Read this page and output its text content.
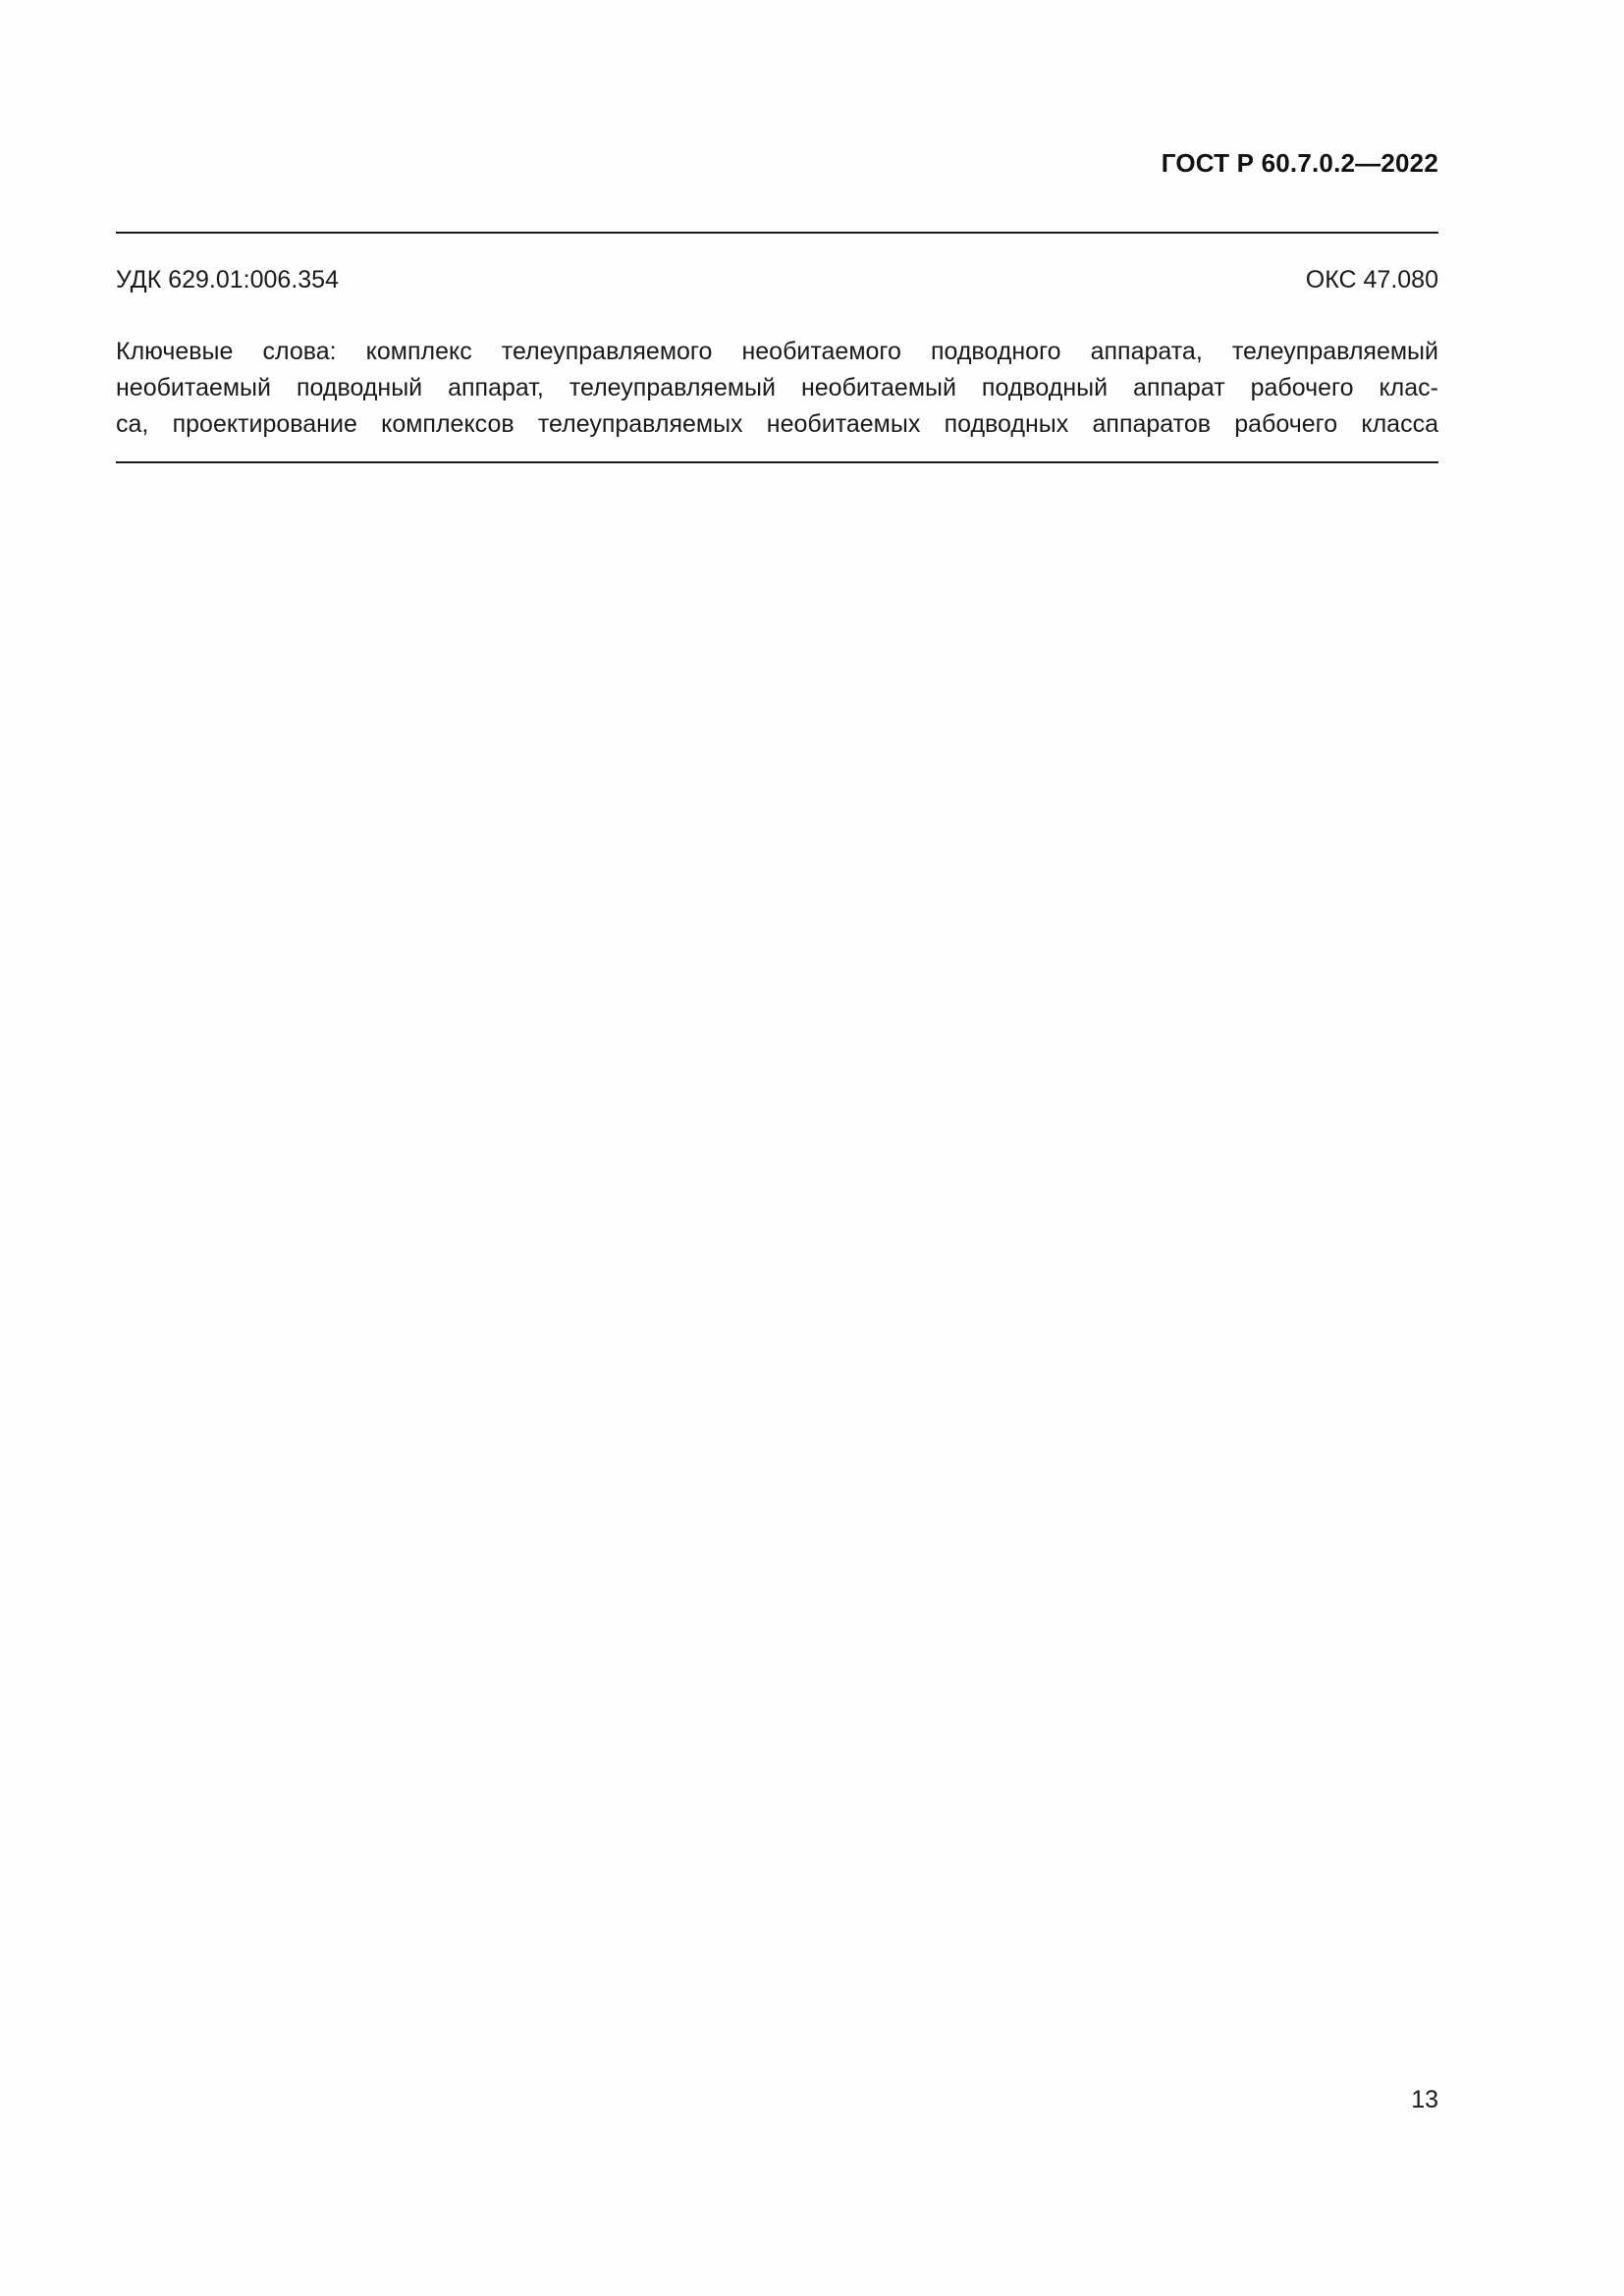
ГОСТ Р 60.7.0.2—2022
УДК 629.01:006.354	ОКС 47.080
Ключевые слова: комплекс телеуправляемого необитаемого подводного аппарата, телеуправляемый
необитаемый подводный аппарат, телеуправляемый необитаемый подводный аппарат рабочего клас-
са, проектирование комплексов телеуправляемых необитаемых подводных аппаратов рабочего класса
13
